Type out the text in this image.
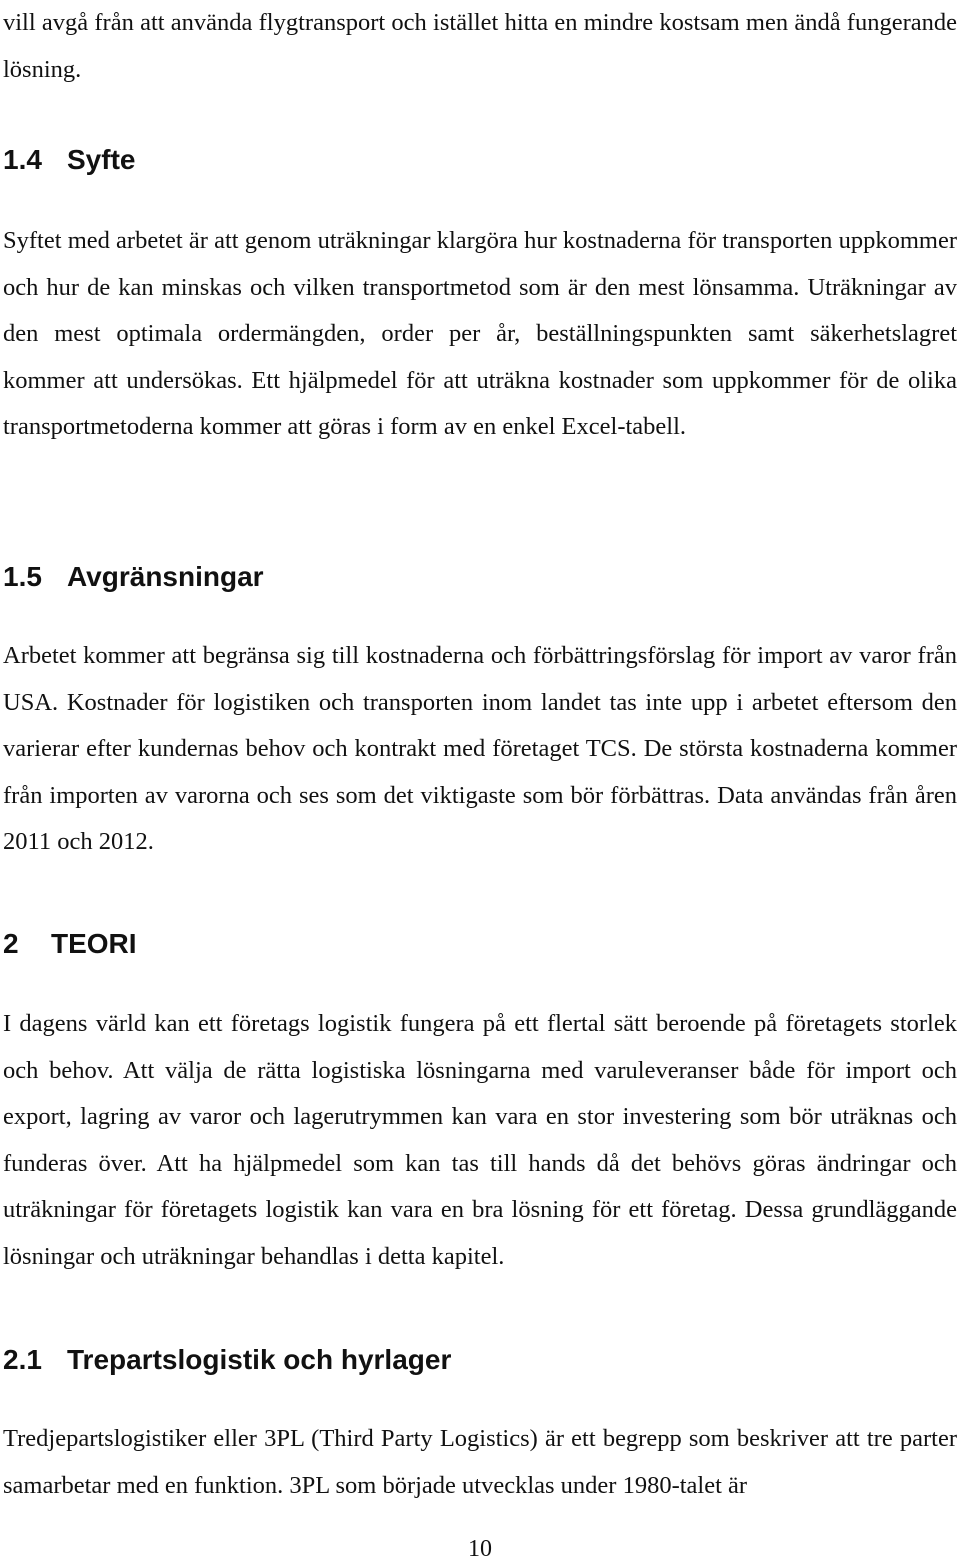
vill avgå från att använda flygtransport och istället hitta en mindre kostsam men ändå fungerande lösning.

1.4 Syfte

Syftet med arbetet är att genom uträkningar klargöra hur kostnaderna för transporten uppkommer och hur de kan minskas och vilken transportmetod som är den mest lönsamma. Uträkningar av den mest optimala ordermängden, order per år, beställningspunkten samt säkerhetslagret kommer att undersökas. Ett hjälpmedel för att uträkna kostnader som uppkommer för de olika transportmetoderna kommer att göras i form av en enkel Excel-tabell.

1.5 Avgränsningar

Arbetet kommer att begränsa sig till kostnaderna och förbättringsförslag för import av varor från USA. Kostnader för logistiken och transporten inom landet tas inte upp i arbetet eftersom den varierar efter kundernas behov och kontrakt med företaget TCS. De största kostnaderna kommer från importen av varorna och ses som det viktigaste som bör förbättras. Data användas från åren 2011 och 2012.

2 TEORI

I dagens värld kan ett företags logistik fungera på ett flertal sätt beroende på företagets storlek och behov. Att välja de rätta logistiska lösningarna med varuleveranser både för import och export, lagring av varor och lagerutrymmen kan vara en stor investering som bör uträknas och funderas över. Att ha hjälpmedel som kan tas till hands då det behövs göras ändringar och uträkningar för företagets logistik kan vara en bra lösning för ett företag. Dessa grundläggande lösningar och uträkningar behandlas i detta kapitel.

2.1 Trepartslogistik och hyrlager

Tredjepartslogistiker eller 3PL (Third Party Logistics) är ett begrepp som beskriver att tre parter samarbetar med en funktion. 3PL som började utvecklas under 1980-talet är

10
